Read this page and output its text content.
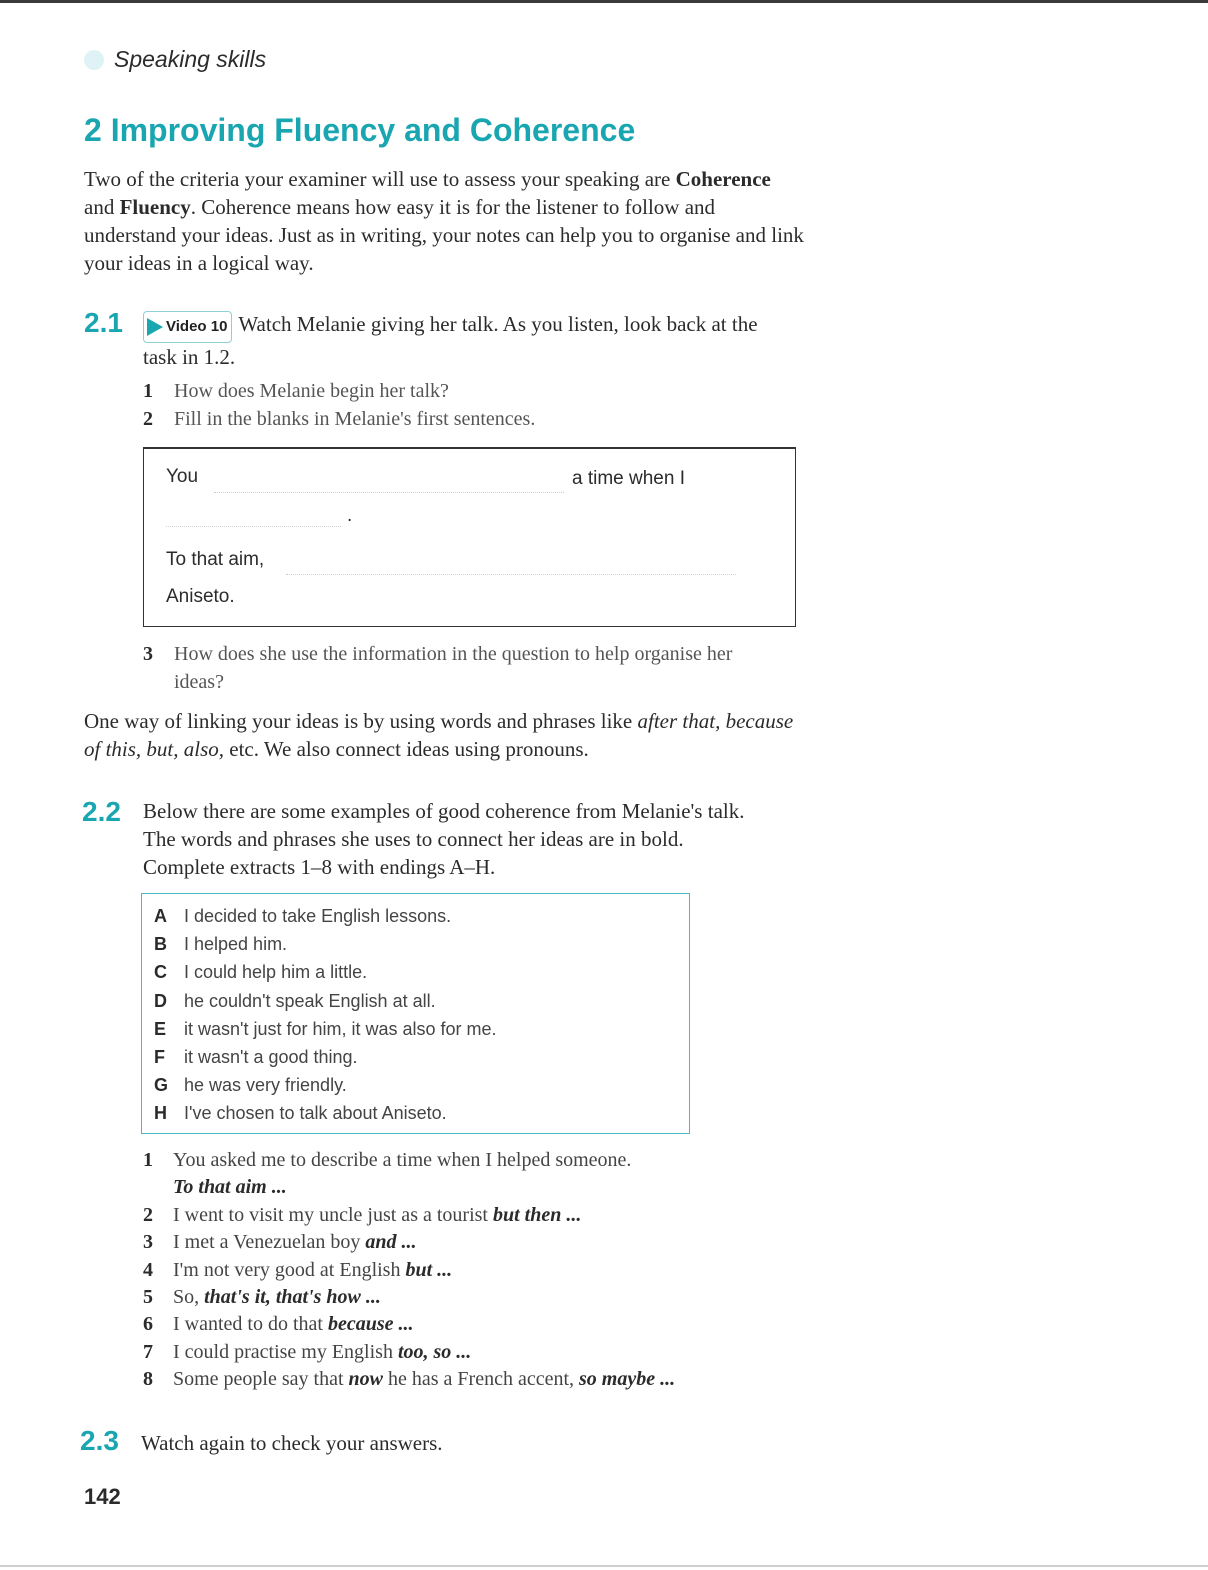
Speaking skills
2 Improving Fluency and Coherence

Two of the criteria your examiner will use to assess your speaking are Coherence and Fluency. Coherence means how easy it is for the listener to follow and understand your ideas. Just as in writing, your notes can help you to organise and link your ideas in a logical way.

2.1	Video 10 Watch Melanie giving her talk. As you listen, look back at the task in 1.2.

1	How does Melanie begin her talk?
2	Fill in the blanks in Melanie's first sentences.
You	a time when I
.
To that aim,
Aniseto.
3	How does she use the information in the question to help organise her ideas?

One way of linking your ideas is by using words and phrases like after that, because of this, but, also, etc. We also connect ideas using pronouns.

2.2 Below there are some examples of good coherence from Melanie's talk. The words and phrases she uses to connect her ideas are in bold. Complete extracts 1–8 with endings A–H.

A I decided to take English lessons.
B I helped him.
C I could help him a little.
D he couldn't speak English at all.
E it wasn't just for him, it was also for me.
F	it wasn't a good thing.
G he was very friendly.
H I've chosen to talk about Aniseto.
1	You asked me to describe a time when I helped someone.
To that aim ...
2	I went to visit my uncle just as a tourist but then ...
3	I met a Venezuelan boy and ...
4	I'm not very good at English but ...
5	So, that's it, that's how ...
6	I wanted to do that because ...
7	I could practise my English too, so ...
8	Some people say that now he has a French accent, so maybe ...
2.3 Watch again to check your answers.

142
